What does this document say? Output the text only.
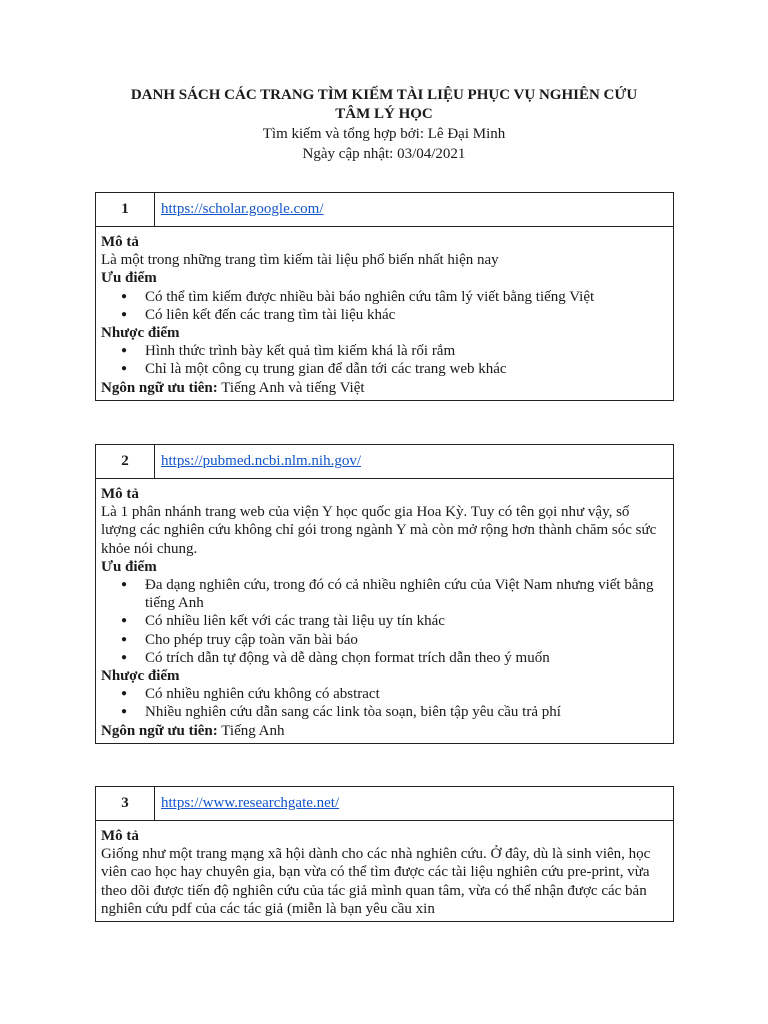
DANH SÁCH CÁC TRANG TÌM KIẾM TÀI LIỆU PHỤC VỤ NGHIÊN CỨU

TÂM LÝ HỌC

Tìm kiếm và tổng hợp bởi: Lê Đại Minh

Ngày cập nhật: 03/04/2021

1	https://scholar.google.com/
Mô tả

Là một trong những trang tìm kiếm tài liệu phổ biến nhất hiện nay

Ưu điểm
● Có thể tìm kiếm được nhiều bài báo nghiên cứu tâm lý viết bằng tiếng Việt
● Có liên kết đến các trang tìm tài liệu khác
Nhược điểm
● Hình thức trình bày kết quả tìm kiếm khá là rối rắm
● Chỉ là một công cụ trung gian để dẫn tới các trang web khác
Ngôn ngữ ưu tiên: Tiếng Anh và tiếng Việt
2	https://pubmed.ncbi.nlm.nih.gov/
Mô tả

Là 1 phân nhánh trang web của viện Y học quốc gia Hoa Kỳ. Tuy có tên gọi như vậy, số lượng các nghiên cứu không chỉ gói trong ngành Y mà còn mở rộng hơn thành chăm sóc sức khỏe nói chung.

Ưu điểm
● Đa dạng nghiên cứu, trong đó có cả nhiều nghiên cứu của Việt Nam nhưng viết bằng tiếng Anh
● Có nhiều liên kết với các trang tài liệu uy tín khác
● Cho phép truy cập toàn văn bài báo
● Có trích dẫn tự động và dễ dàng chọn format trích dẫn theo ý muốn
Nhược điểm
● Có nhiều nghiên cứu không có abstract
● Nhiều nghiên cứu dẫn sang các link tòa soạn, biên tập yêu cầu trả phí
Ngôn ngữ ưu tiên: Tiếng Anh
3	https://www.researchgate.net/
Mô tả

Giống như một trang mạng xã hội dành cho các nhà nghiên cứu. Ở đây, dù là sinh viên, học viên cao học hay chuyên gia, bạn vừa có thể tìm được các tài liệu nghiên cứu pre-print, vừa theo dõi được tiến độ nghiên cứu của tác giả mình quan tâm, vừa có thể nhận được các bản nghiên cứu pdf của các tác giả (miễn là bạn yêu cầu xin
